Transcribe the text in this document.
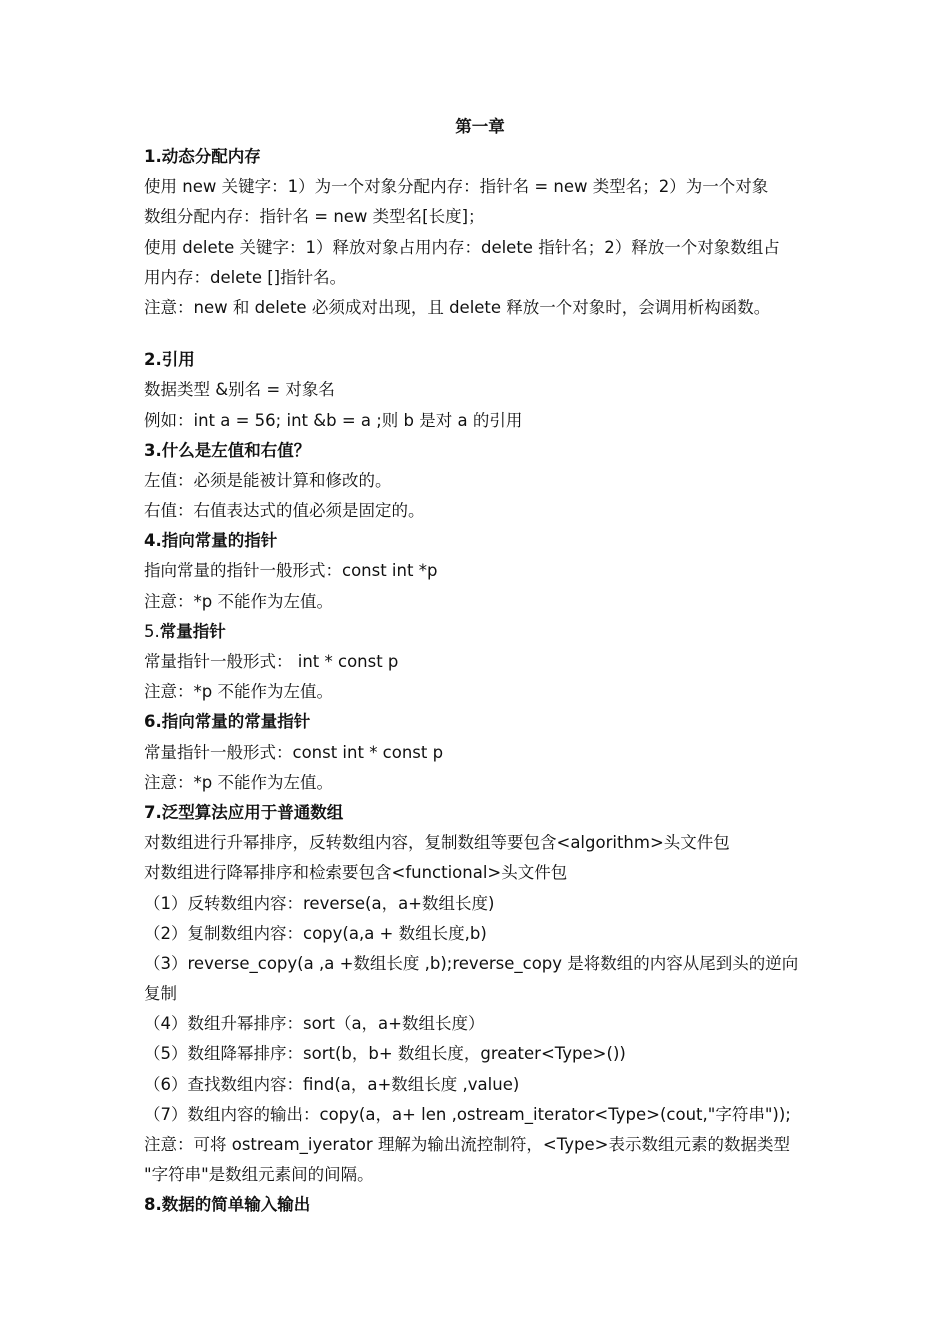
第一章
1.动态分配内存
使用 new 关键字：1）为一个对象分配内存：指针名 = new 类型名；2）为一个对象
数组分配内存：指针名 = new 类型名[长度]；
使用 delete 关键字：1）释放对象占用内存：delete 指针名；2）释放一个对象数组占
用内存：delete []指针名。
注意：new 和 delete 必须成对出现，且 delete 释放一个对象时，会调用析构函数。
2.引用
数据类型 &别名 = 对象名
例如：int a = 56; int &b = a ;则 b 是对 a 的引用
3.什么是左值和右值？
左值：必须是能被计算和修改的。
右值：右值表达式的值必须是固定的。
4.指向常量的指针
指向常量的指针一般形式：const int *p
注意：*p 不能作为左值。
5.常量指针
常量指针一般形式： int * const p
注意：*p 不能作为左值。
6.指向常量的常量指针
常量指针一般形式：const int * const p
注意：*p 不能作为左值。
7.泛型算法应用于普通数组
对数组进行升幂排序，反转数组内容，复制数组等要包含<algorithm>头文件包
对数组进行降幂排序和检索要包含<functional>头文件包
（1）反转数组内容：reverse(a，a+数组长度)
（2）复制数组内容：copy(a,a + 数组长度,b)
（3）reverse_copy(a ,a +数组长度 ,b);reverse_copy 是将数组的内容从尾到头的逆向
复制
（4）数组升幂排序：sort（a，a+数组长度）
（5）数组降幂排序：sort(b，b+ 数组长度，greater<Type>())
（6）查找数组内容：find(a，a+数组长度 ,value)
（7）数组内容的输出：copy(a，a+ len ,ostream_iterator<Type>(cout,"字符串"));
注意：可将 ostream_iyerator 理解为输出流控制符，<Type>表示数组元素的数据类型
"字符串"是数组元素间的间隔。
8.数据的简单输入输出
